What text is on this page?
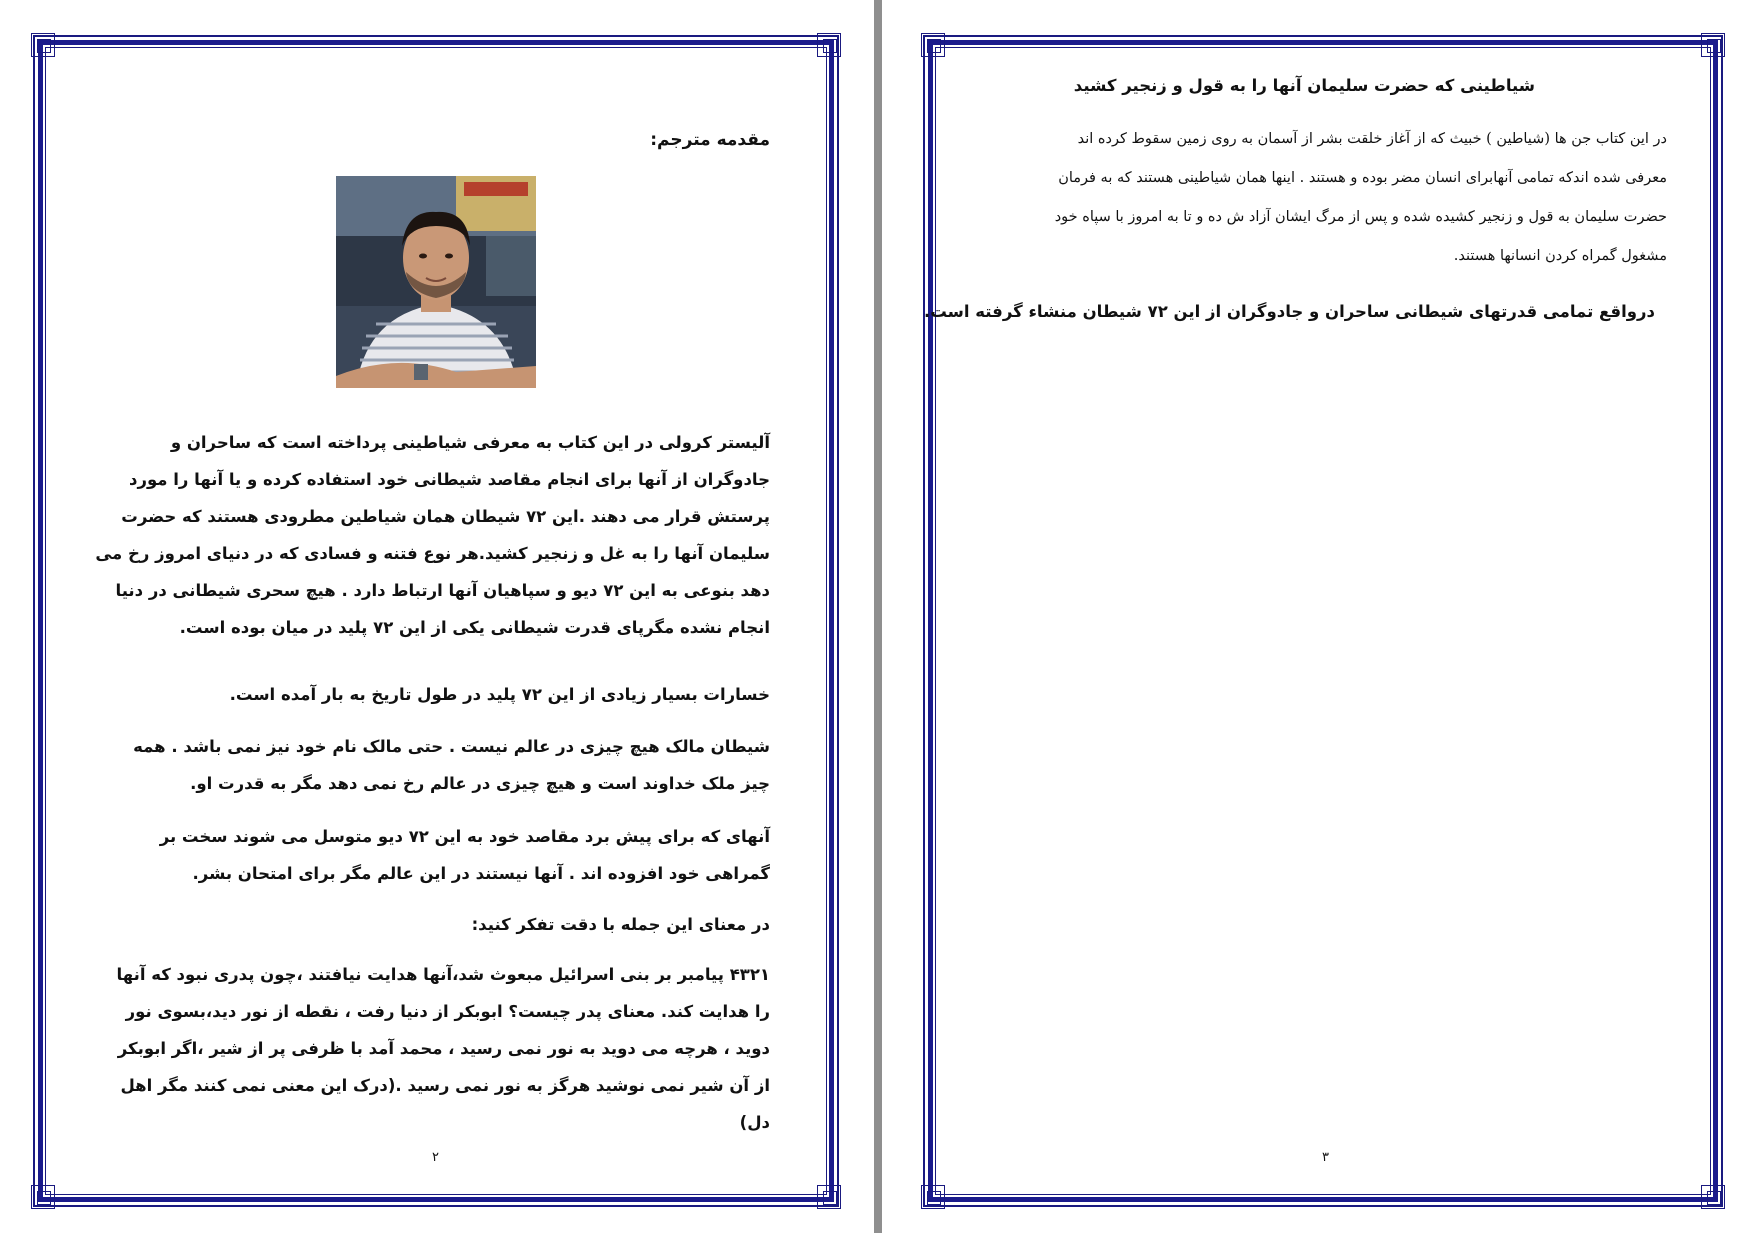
مقدمه مترجم:
آلیستر کرولی در این کتاب به معرفی شیاطینی پرداخته است که ساحران و
جادوگران از آنها برای انجام مقاصد شیطانی خود استفاده کرده و یا آنها را مورد
پرستش قرار می دهند .این ۷۲ شیطان همان شیاطین مطرودی هستند که حضرت
سلیمان آنها را به غل و زنجیر کشید.هر نوع فتنه و فسادی که در دنیای امروز رخ می
دهد بنوعی به این ۷۲ دیو و سپاهیان آنها ارتباط دارد . هیچ سحری شیطانی در دنیا
انجام نشده مگرپای قدرت شیطانی یکی از این ۷۲ پلید در میان بوده است.
خسارات بسیار زیادی از این ۷۲ پلید در طول تاریخ به بار آمده است.
شیطان مالک هیچ چیزی در عالم نیست . حتی مالک نام خود نیز نمی باشد . همه
چیز ملک خداوند است و هیچ چیزی در عالم رخ نمی دهد مگر به قدرت او.
آنهای که برای پیش برد مقاصد خود به این ۷۲ دیو متوسل می شوند سخت بر
گمراهی خود افزوده اند . آنها نیستند در این عالم مگر برای امتحان بشر.
در معنای این جمله با دقت تفکر کنید:
۴۳۲۱ پیامبر بر بنی اسرائیل مبعوث شد،آنها هدایت نیافتند ،چون پدری نبود که آنها
را هدایت کند. معنای پدر چیست؟ ابوبکر از دنیا رفت ، نقطه از نور دید،بسوی نور
دوید ، هرچه می دوید به نور نمی رسید ، محمد آمد با ظرفی پر از شیر ،اگر ابوبکر
از آن شیر نمی نوشید هرگز به نور نمی رسید .(درک این معنی نمی کنند مگر اهل
دل)
۲
شیاطینی که حضرت سلیمان آنها را به قول و زنجیر کشید
در این کتاب جن ها (شیاطین ) خبیث که از آغاز خلقت بشر از آسمان به روی زمین سقوط کرده اند
معرفی شده اندکه تمامی آنهابرای انسان مضر بوده و هستند . اینها همان شیاطینی هستند که به فرمان
حضرت سلیمان به قول و زنجیر کشیده شده و پس از مرگ ایشان آزاد ش ده و تا به امروز با سپاه خود
مشغول گمراه کردن انسانها هستند.
درواقع تمامی قدرتهای شیطانی ساحران و جادوگران از این ۷۲ شیطان منشاء گرفته است.
۳
